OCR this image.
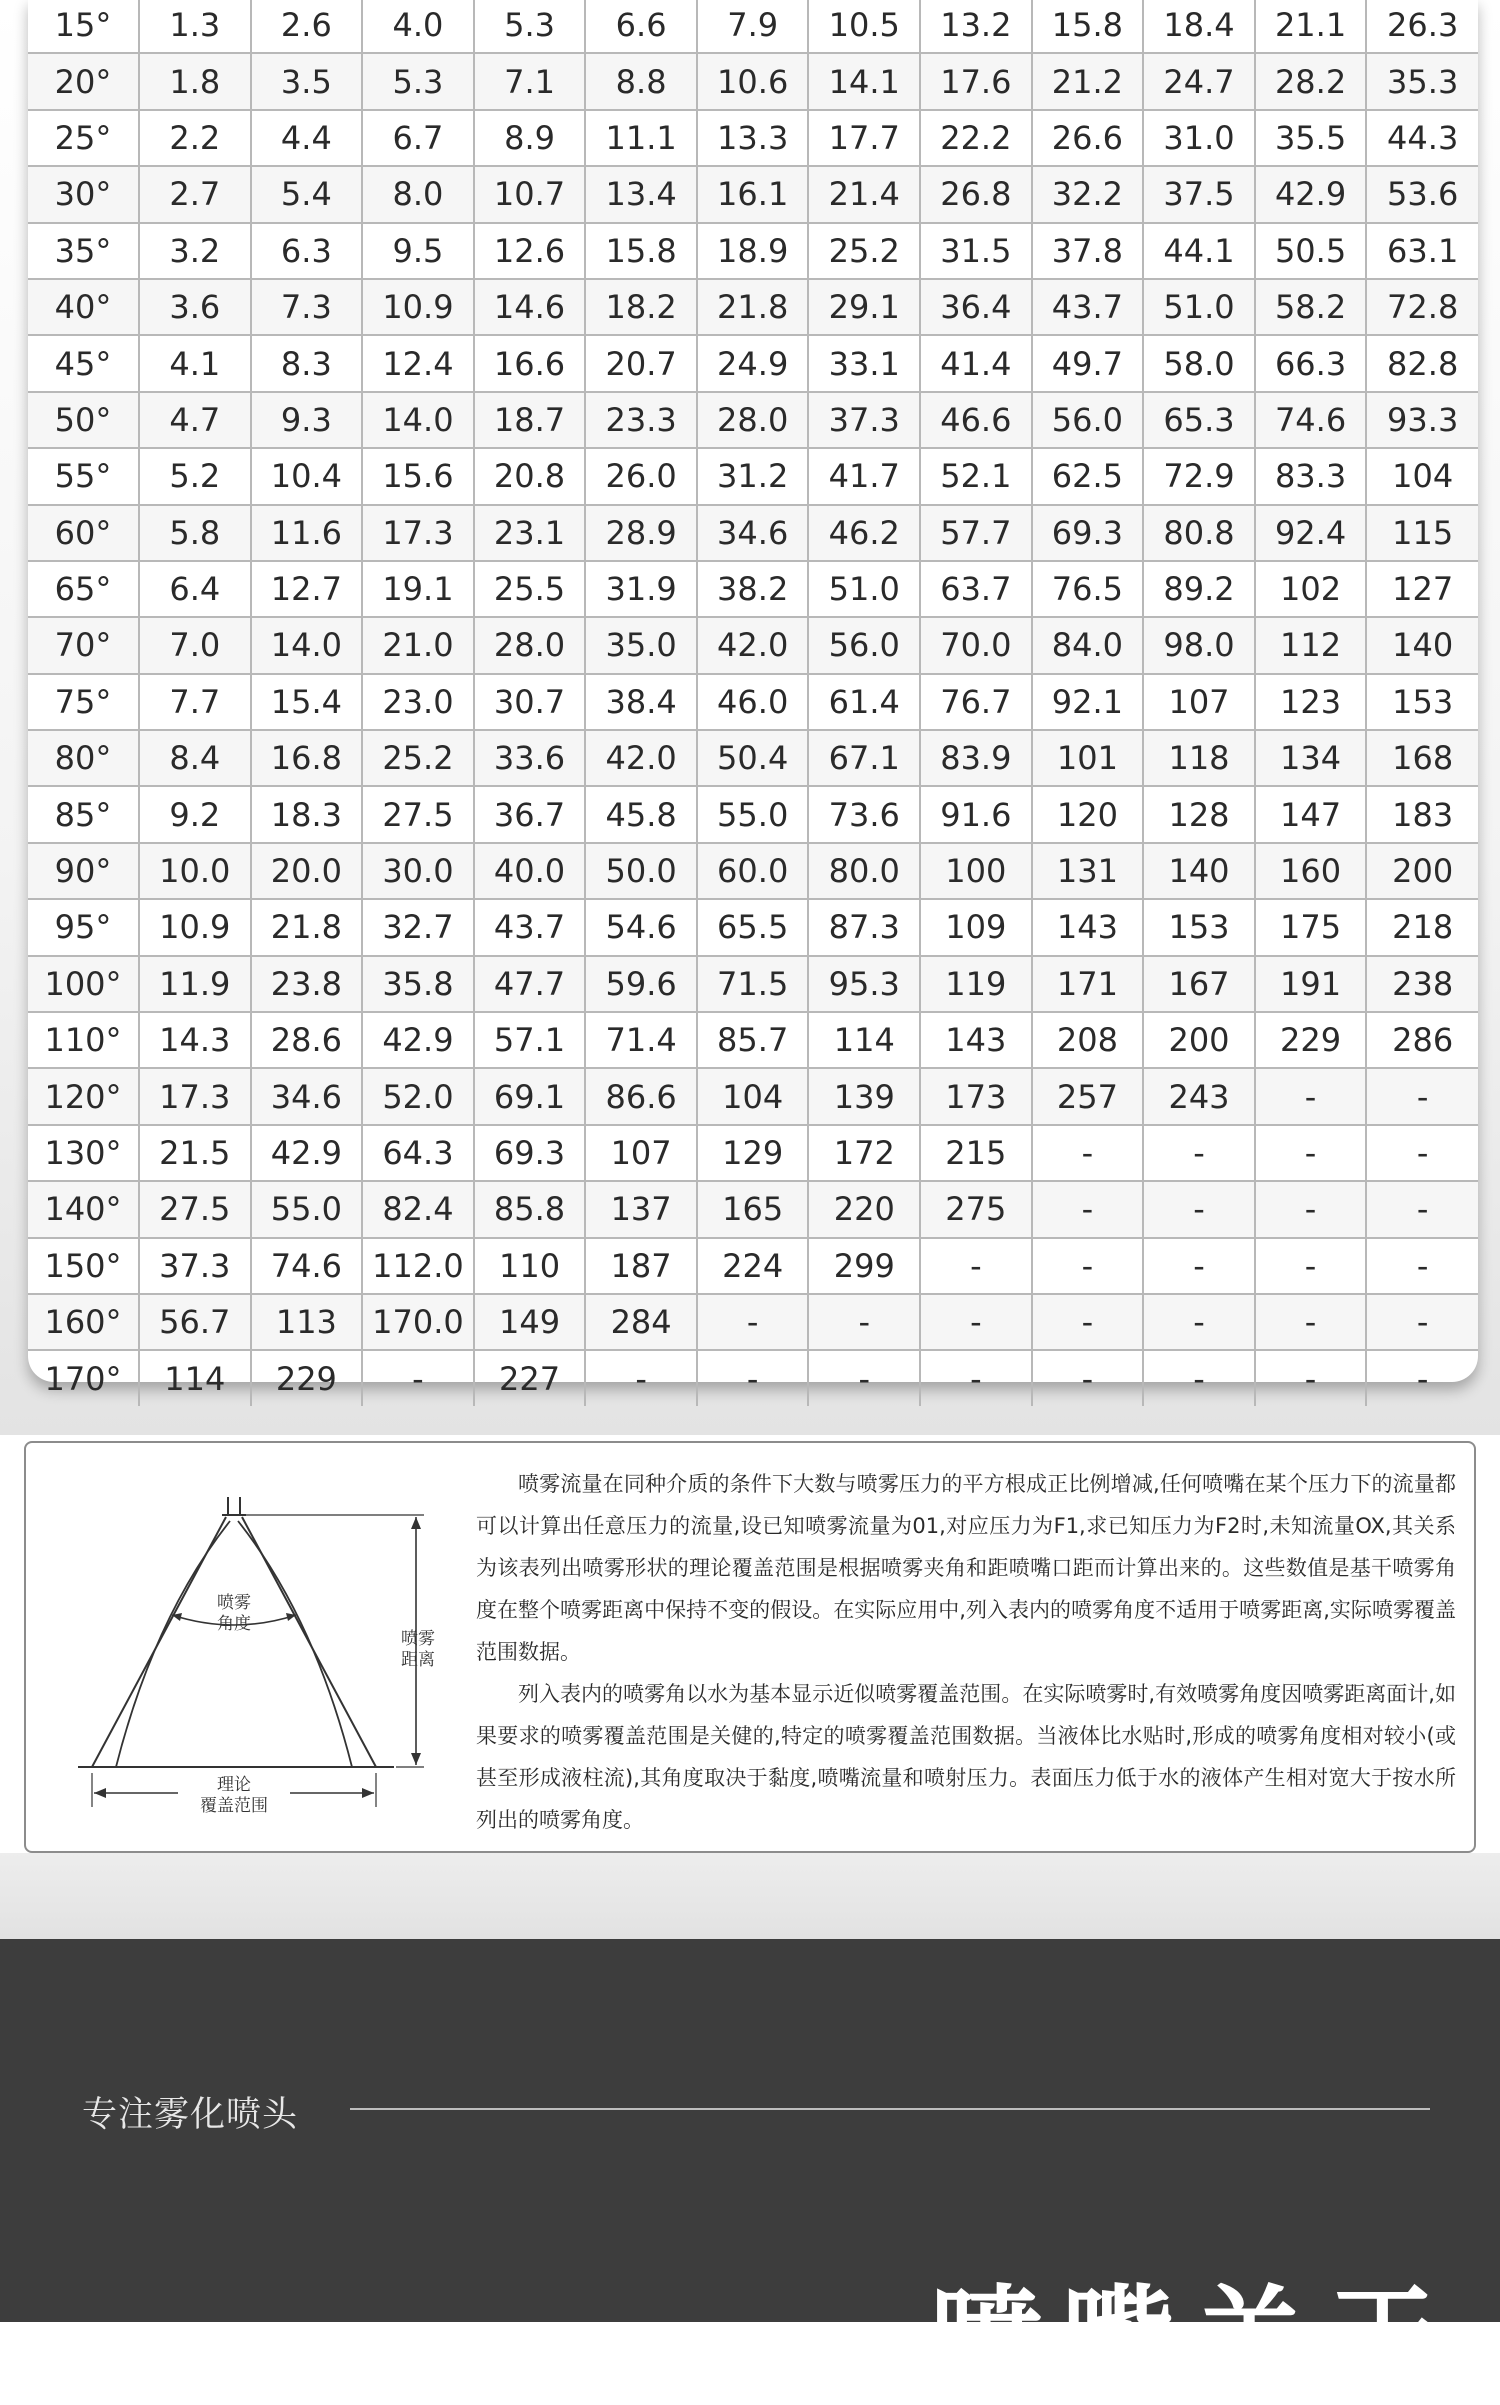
15°	1.3	2.6	4.0	5.3	6.6	7.9	10.5	13.2	15.8	18.4	21.1	26.3
20°	1.8	3.5	5.3	7.1	8.8	10.6	14.1	17.6	21.2	24.7	28.2	35.3
25°	2.2	4.4	6.7	8.9	11.1	13.3	17.7	22.2	26.6	31.0	35.5	44.3
30°	2.7	5.4	8.0	10.7	13.4	16.1	21.4	26.8	32.2	37.5	42.9	53.6
35°	3.2	6.3	9.5	12.6	15.8	18.9	25.2	31.5	37.8	44.1	50.5	63.1
40°	3.6	7.3	10.9	14.6	18.2	21.8	29.1	36.4	43.7	51.0	58.2	72.8
45°	4.1	8.3	12.4	16.6	20.7	24.9	33.1	41.4	49.7	58.0	66.3	82.8
50°	4.7	9.3	14.0	18.7	23.3	28.0	37.3	46.6	56.0	65.3	74.6	93.3
55°	5.2	10.4	15.6	20.8	26.0	31.2	41.7	52.1	62.5	72.9	83.3	104
60°	5.8	11.6	17.3	23.1	28.9	34.6	46.2	57.7	69.3	80.8	92.4	115
65°	6.4	12.7	19.1	25.5	31.9	38.2	51.0	63.7	76.5	89.2	102	127
70°	7.0	14.0	21.0	28.0	35.0	42.0	56.0	70.0	84.0	98.0	112	140
75°	7.7	15.4	23.0	30.7	38.4	46.0	61.4	76.7	92.1	107	123	153
80°	8.4	16.8	25.2	33.6	42.0	50.4	67.1	83.9	101	118	134	168
85°	9.2	18.3	27.5	36.7	45.8	55.0	73.6	91.6	120	128	147	183
90°	10.0	20.0	30.0	40.0	50.0	60.0	80.0	100	131	140	160	200
95°	10.9	21.8	32.7	43.7	54.6	65.5	87.3	109	143	153	175	218
100°	11.9	23.8	35.8	47.7	59.6	71.5	95.3	119	171	167	191	238
110°	14.3	28.6	42.9	57.1	71.4	85.7	114	143	208	200	229	286
120°	17.3	34.6	52.0	69.1	86.6	104	139	173	257	243	-	-
130°	21.5	42.9	64.3	69.3	107	129	172	215	-	-	-	-
140°	27.5	55.0	82.4	85.8	137	165	220	275	-	-	-	-
150°	37.3	74.6	112.0	110	187	224	299	-	-	-	-	-
160°	56.7	113	170.0	149	284	-	-	-	-	-	-	-
170°	114	229	-	227	-	-	-	-	-	-	-	-
喷雾
角度
喷雾
距离
理论
覆盖范围

喷雾流量在同种介质的条件下大数与喷雾压力的平方根成正比例增减,任何喷嘴在某个压力下的流量都可以计算出任意压力的流量,设已知喷雾流量为01,对应压力为F1,求已知压力为F2时,未知流量OX,其关系为该表列出喷雾形状的理论覆盖范围是根据喷雾夹角和距喷嘴口距而计算出来的。这些数值是基干喷雾角度在整个喷雾距离中保持不变的假设。在实际应用中,列入表内的喷雾角度不适用于喷雾距离,实际喷雾覆盖范围数据。

列入表内的喷雾角以水为基本显示近似喷雾覆盖范围。在实际喷雾时,有效喷雾角度因喷雾距离面计,如果要求的喷雾覆盖范围是关健的,特定的喷雾覆盖范围数据。当液体比水贴时,形成的喷雾角度相对较小(或甚至形成液柱流),其角度取决于黏度,喷嘴流量和喷射压力。表面压力低于水的液体产生相对宽大于按水所列出的喷雾角度。

专注雾化喷头
喷嘴关于
